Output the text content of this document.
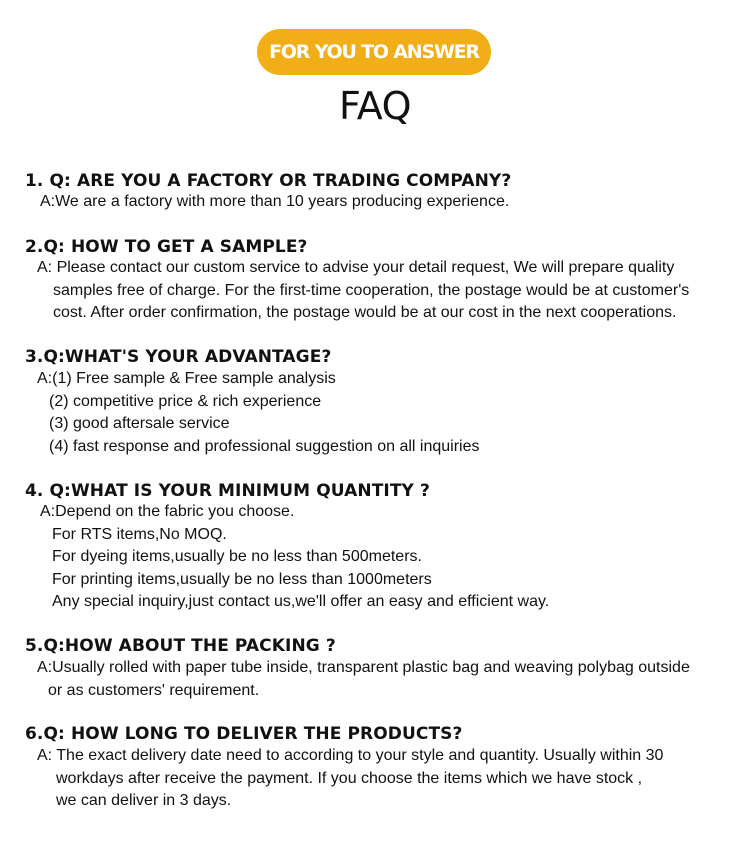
FOR YOU TO ANSWER
FAQ
1. Q: ARE YOU A FACTORY OR TRADING COMPANY?
A:We are a factory with more than 10 years producing experience.
2.Q: HOW TO GET A SAMPLE?
A: Please contact our custom service to advise your detail request, We will prepare quality
samples free of charge. For the first-time cooperation, the postage would be at customer's
cost. After order confirmation, the postage would be at our cost in the next cooperations.
3.Q:WHAT'S YOUR ADVANTAGE?
A:(1) Free sample & Free sample analysis
(2) competitive price & rich experience
(3) good aftersale service
(4) fast response and professional suggestion on all inquiries
4. Q:WHAT IS YOUR MINIMUM QUANTITY ?
A:Depend on the fabric you choose.
For RTS items,No MOQ.
For dyeing items,usually be no less than 500meters.
For printing items,usually be no less than 1000meters
Any special inquiry,just contact us,we'll offer an easy and efficient way.
5.Q:HOW ABOUT THE PACKING ?
A:Usually rolled with paper tube inside, transparent plastic bag and weaving polybag outside
or as customers' requirement.
6.Q: HOW LONG TO DELIVER THE PRODUCTS?
A: The exact delivery date need to according to your style and quantity. Usually within 30
workdays after receive the payment. If you choose the items which we have stock ,
we can deliver in 3 days.
